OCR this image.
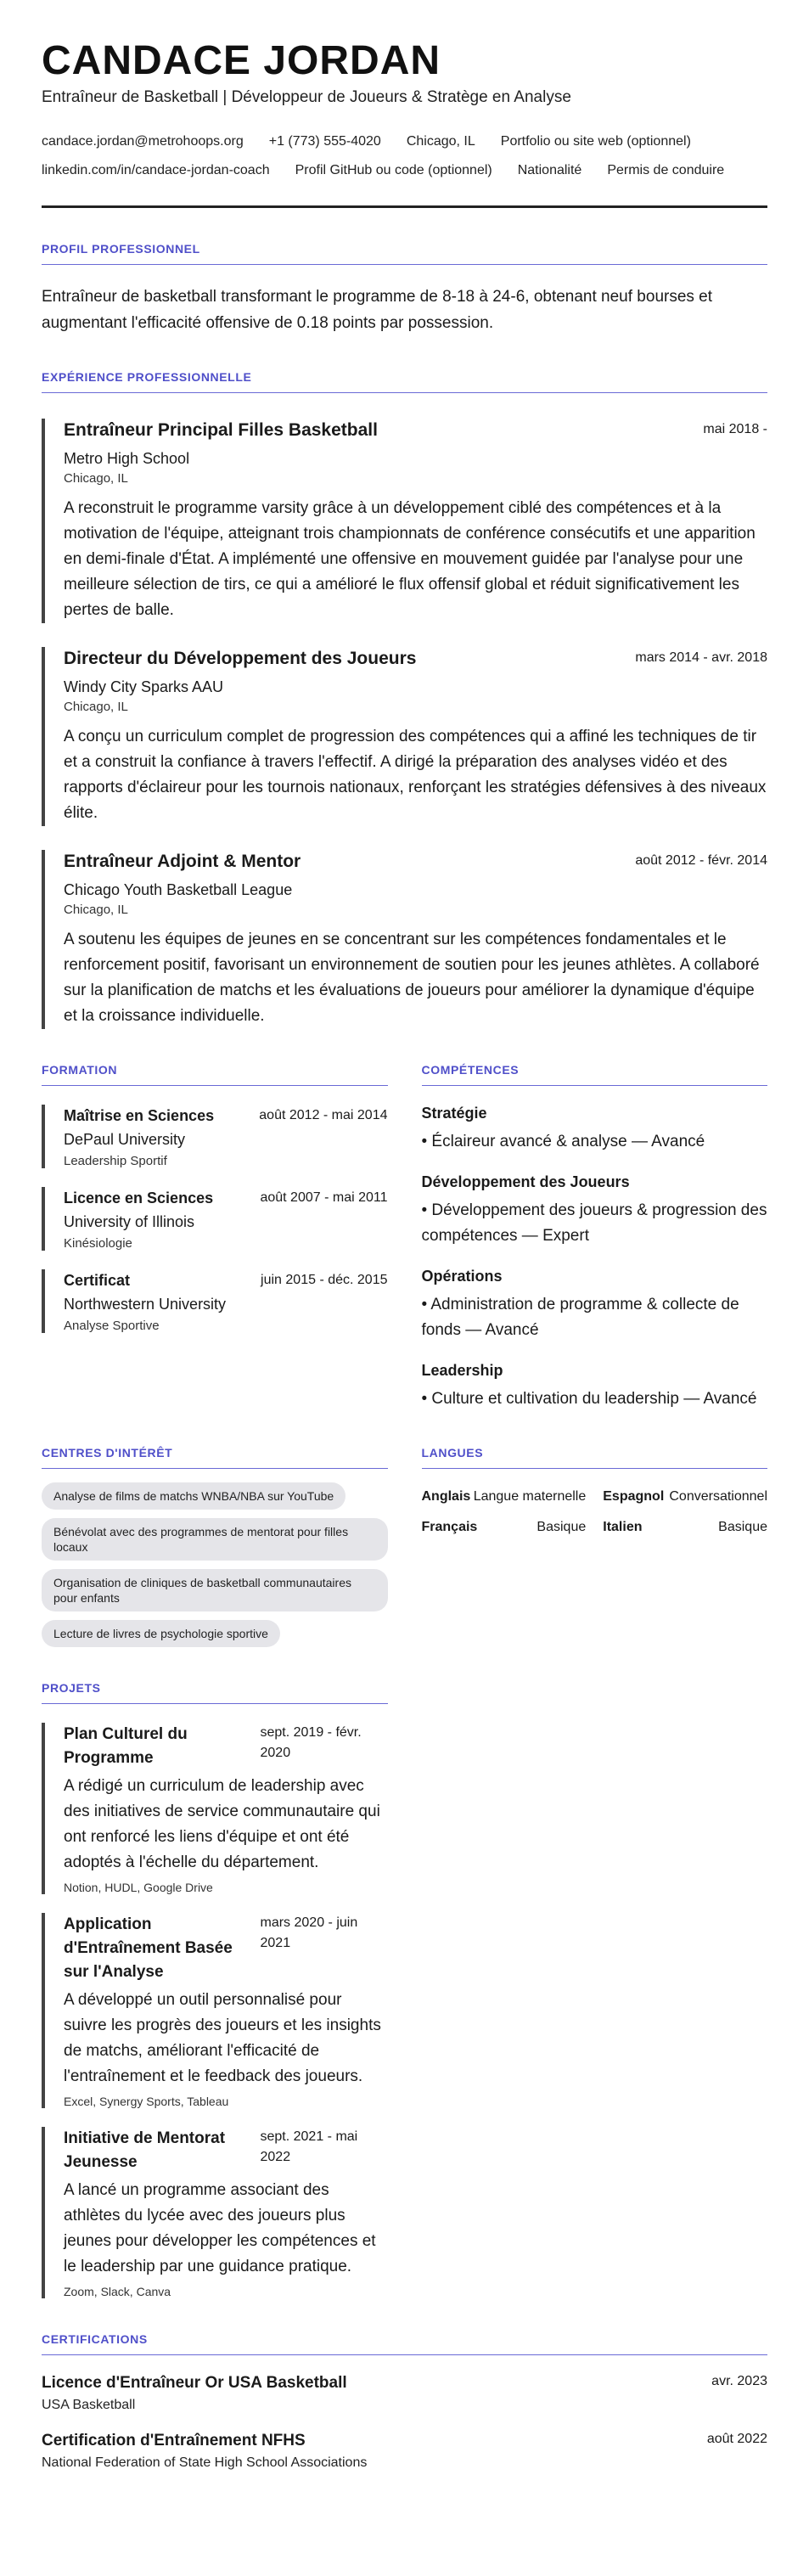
CANDACE JORDAN
Entraîneur de Basketball | Développeur de Joueurs & Stratège en Analyse
candace.jordan@metrohoops.org +1 (773) 555-4020 Chicago, IL Portfolio ou site web (optionnel)
linkedin.com/in/candace-jordan-coach Profil GitHub ou code (optionnel) Nationalité Permis de conduire
PROFIL PROFESSIONNEL

Entraîneur de basketball transformant le programme de 8-18 à 24-6, obtenant neuf bourses et augmentant l'efficacité offensive de 0.18 points par possession.

EXPÉRIENCE PROFESSIONNELLE
Entraîneur Principal Filles Basketball	mai 2018 -
Metro High School
Chicago, IL

A reconstruit le programme varsity grâce à un développement ciblé des compétences et à la motivation de l'équipe, atteignant trois championnats de conférence consécutifs et une apparition en demi-finale d'État. A implémenté une offensive en mouvement guidée par l'analyse pour une meilleure sélection de tirs, ce qui a amélioré le flux offensif global et réduit significativement les pertes de balle.

Directeur du Développement des Joueurs	mars 2014 - avr. 2018
Windy City Sparks AAU
Chicago, IL

A conçu un curriculum complet de progression des compétences qui a affiné les techniques de tir et a construit la confiance à travers l'effectif. A dirigé la préparation des analyses vidéo et des rapports d'éclaireur pour les tournois nationaux, renforçant les stratégies défensives à des niveaux élite.

Entraîneur Adjoint & Mentor	août 2012 - févr. 2014
Chicago Youth Basketball League
Chicago, IL

A soutenu les équipes de jeunes en se concentrant sur les compétences fondamentales et le renforcement positif, favorisant un environnement de soutien pour les jeunes athlètes. A collaboré sur la planification de matchs et les évaluations de joueurs pour améliorer la dynamique d'équipe et la croissance individuelle.

FORMATION
Maîtrise en Sciences	août 2012 - mai 2014
DePaul University
Leadership Sportif
Licence en Sciences	août 2007 - mai 2011
University of Illinois
Kinésiologie
Certificat	juin 2015 - déc. 2015
Northwestern University
Analyse Sportive
COMPÉTENCES
Stratégie
• Éclaireur avancé & analyse — Avancé
Développement des Joueurs
• Développement des joueurs & progression des compétences — Expert
Opérations
• Administration de programme & collecte de fonds — Avancé
Leadership
• Culture et cultivation du leadership — Avancé
CENTRES D'INTÉRÊT
Analyse de films de matchs WNBA/NBA sur YouTube
Bénévolat avec des programmes de mentorat pour filles locaux
Organisation de cliniques de basketball communautaires pour enfants
Lecture de livres de psychologie sportive
LANGUES
Anglais Langue maternelle Espagnol Conversationnel
Français	Basique Italien	Basique
PROJETS
Plan Culturel du Programme
sept. 2019 - févr. 2020

A rédigé un curriculum de leadership avec des initiatives de service communautaire qui ont renforcé les liens d'équipe et ont été adoptés à l'échelle du département.

Notion, HUDL, Google Drive
Application d'Entraînement Basée sur l'Analyse
mars 2020 - juin 2021

A développé un outil personnalisé pour suivre les progrès des joueurs et les insights de matchs, améliorant l'efficacité de l'entraînement et le feedback des joueurs.

Excel, Synergy Sports, Tableau
Initiative de Mentorat Jeunesse
sept. 2021 - mai 2022

A lancé un programme associant des athlètes du lycée avec des joueurs plus jeunes pour développer les compétences et le leadership par une guidance pratique.

Zoom, Slack, Canva
CERTIFICATIONS
Licence d'Entraîneur Or USA Basketball
USA Basketball
avr. 2023
Certification d'Entraînement NFHS
National Federation of State High School Associations
août 2022
